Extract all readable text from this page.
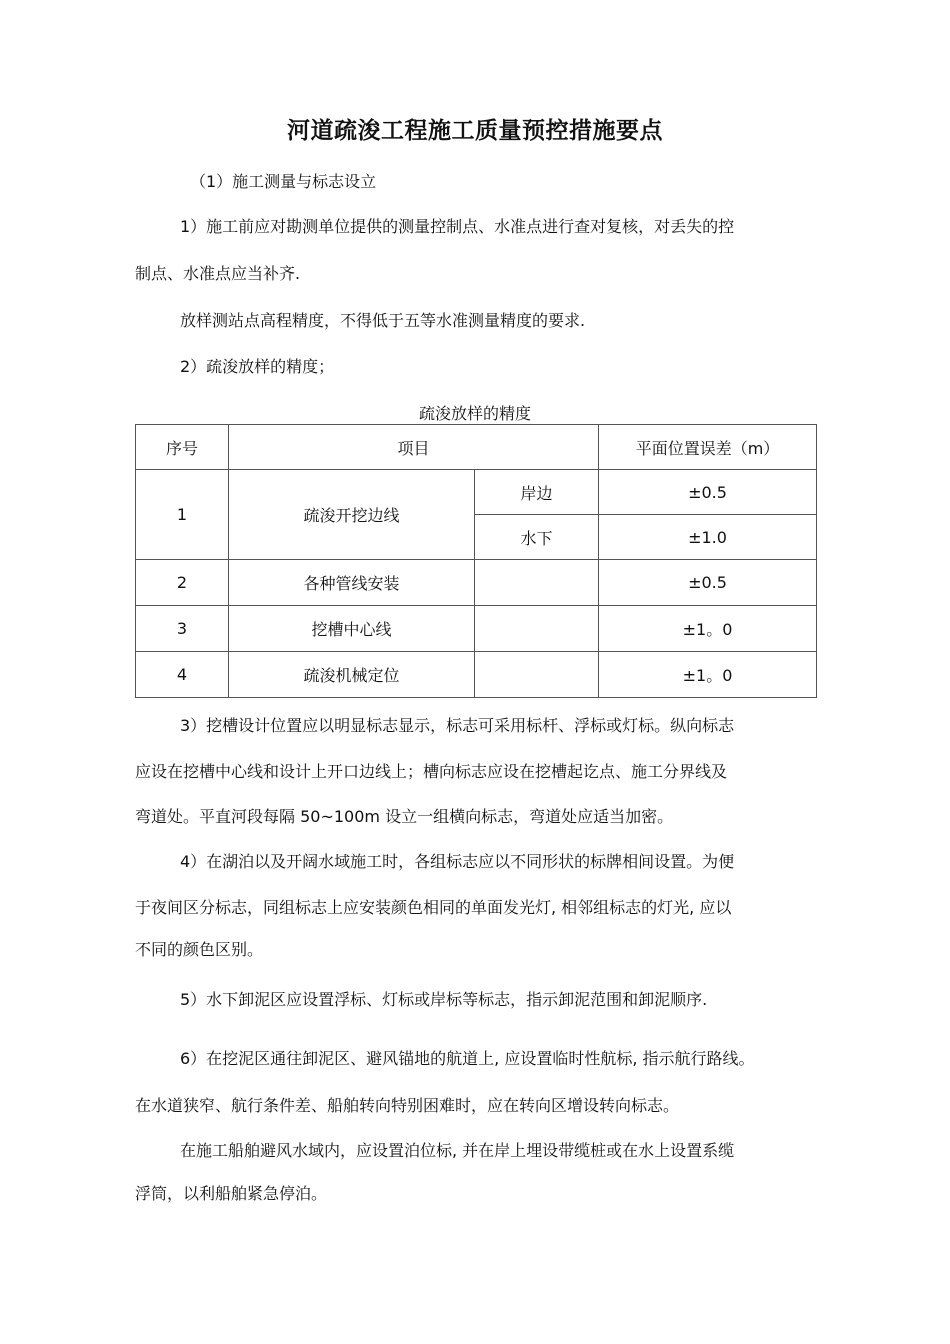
河道疏浚工程施工质量预控措施要点

（1）施工测量与标志设立

1）施工前应对勘测单位提供的测量控制点、水准点进行查对复核，对丢失的控

制点、水准点应当补齐.

放样测站点高程精度，不得低于五等水准测量精度的要求.

2）疏浚放样的精度；

疏浚放样的精度

序号	项目		平面位置误差（m）
1	疏浚开挖边线	岸边	±0.5
		水下	±1.0
2	各种管线安装		±0.5
3	挖槽中心线		±1。0
4	疏浚机械定位		±1。0

3）挖槽设计位置应以明显标志显示，标志可采用标杆、浮标或灯标。纵向标志

应设在挖槽中心线和设计上开口边线上；槽向标志应设在挖槽起讫点、施工分界线及

弯道处。平直河段每隔 50~100m 设立一组横向标志，弯道处应适当加密。

4）在湖泊以及开阔水域施工时，各组标志应以不同形状的标牌相间设置。为便

于夜间区分标志，同组标志上应安装颜色相同的单面发光灯, 相邻组标志的灯光, 应以

不同的颜色区别。

5）水下卸泥区应设置浮标、灯标或岸标等标志，指示卸泥范围和卸泥顺序.

6）在挖泥区通往卸泥区、避风锚地的航道上, 应设置临时性航标, 指示航行路线。

在水道狭窄、航行条件差、船舶转向特别困难时，应在转向区增设转向标志。

在施工船舶避风水域内，应设置泊位标, 并在岸上埋设带缆桩或在水上设置系缆

浮筒，以利船舶紧急停泊。
